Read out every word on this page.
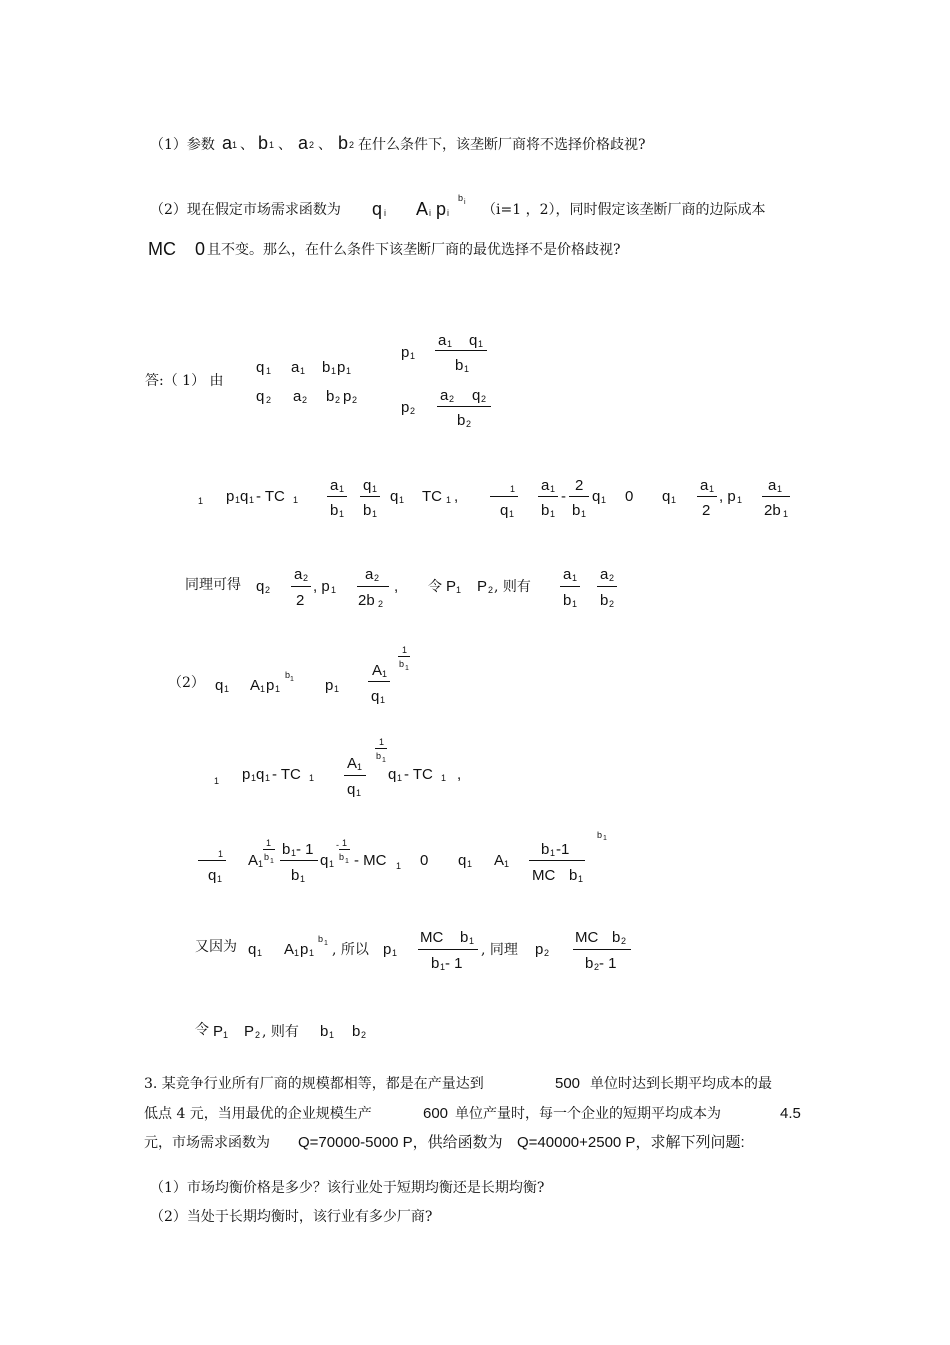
（1）参数 a 1 、 b 1 、 a 2 、 b 2 在什么条件下，该垄断厂商将不选择价格歧视?
（2）现在假定市场需求函数为 q i A i p i
b i （i=1 ，2），同时假定该垄断厂商的边际成本
MC 0 且不变。那么，在什么条件下该垄断厂商的最优选择不是价格歧视?
答:（ 1） 由
q 1 a 1 b 1 p 1
q 2 a 2 b 2 p 2
p 1
a 1 q 1
b 1
p 2
a 2 q 2
b 2
1 p 1 q 1 - TC 1
a 1
b 1
q 1
b 1
q 1 TC 1 ,	1
q 1
a 1
b 1
-
2
b 1
q 1 0 q 1
a 1
2
, p 1
a 1
2b 1
同理可得 q 2
a 2
2
, p 1
a 2
2b 2
, 令 P 1 P 2 , 则有
a 1
b 1
a 2
b 2
（2） q 1 A 1 p 1
b 1 p 1
A 1
q 1
1
b 1
1 p 1 q 1 - TC 1
A 1
q 1
1
b 1
q 1 - TC 1 ,
1
q 1
A 1
1
b 1
b 1 - 1
b 1
q 1
- 1
b 1 - MC 1 0 q 1 A 1
b 1 -1
MC b 1
b 1
又因为 q 1 A 1 p 1
b 1 , 所以 p 1
MC b 1
b 1 - 1
, 同理 p 2
MC b 2
b 2 - 1
令 P 1 P 2 , 则有 b 1 b 2
3. 某竞争行业所有厂商的规模都相等，都是在产量达到	500 单位时达到长期平均成本的最
低点 4 元，当用最优的企业规模生产	600 单位产量时，每一个企业的短期平均成本为	4.5
元，市场需求函数为 Q=70000-5000 P，供给函数为 Q=40000+2500 P，求解下列问题:
（1）市场均衡价格是多少？该行业处于短期均衡还是长期均衡?
（2）当处于长期均衡时，该行业有多少厂商?
